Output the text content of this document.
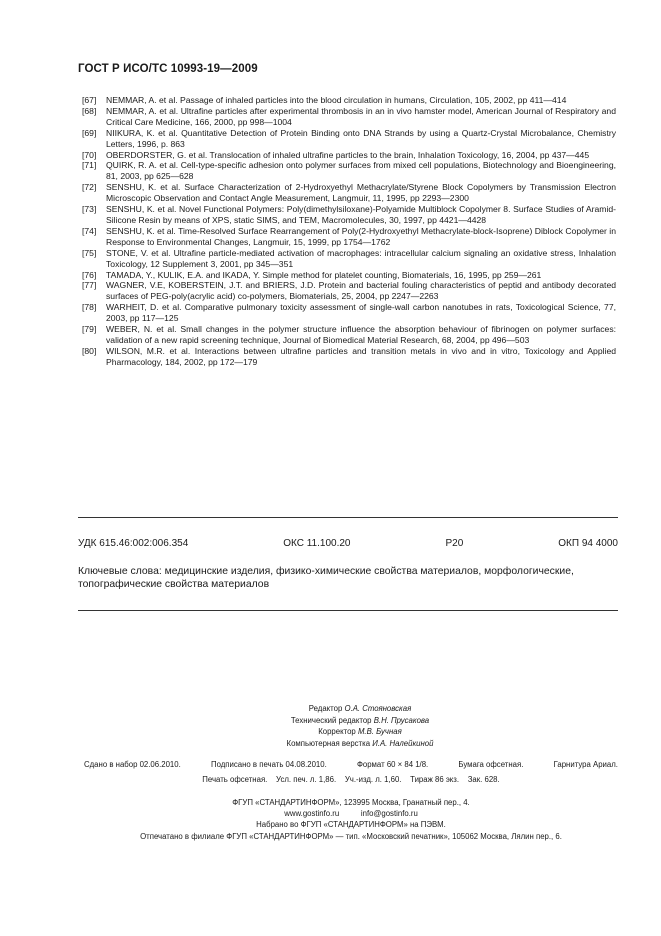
ГОСТ Р ИСО/ТС 10993-19—2009
[67]	NEMMAR, A. et al. Passage of inhaled particles into the blood circulation in humans, Circulation, 105, 2002, pp 411—414
[68]	NEMMAR, A. et al. Ultrafine particles after experimental thrombosis in an in vivo hamster model, American Journal of Respiratory and Critical Care Medicine, 166, 2000, pp 998—1004
[69]	NIIKURA, K. et al. Quantitative Detection of Protein Binding onto DNA Strands by using a Quartz-Crystal Microbalance, Chemistry Letters, 1996, p. 863
[70]	OBERDORSTER, G. et al. Translocation of inhaled ultrafine particles to the brain, Inhalation Toxicology, 16, 2004, pp 437—445
[71]	QUIRK, R. A. et al. Cell-type-specific adhesion onto polymer surfaces from mixed cell populations, Biotechnology and Bioengineering, 81, 2003, pp 625—628
[72]	SENSHU, K. et al. Surface Characterization of 2-Hydroxyethyl Methacrylate/Styrene Block Copolymers by Transmission Electron Microscopic Observation and Contact Angle Measurement, Langmuir, 11, 1995, pp 2293—2300
[73]	SENSHU, K. et al. Novel Functional Polymers: Poly(dimethylsiloxane)-Polyamide Multiblock Copolymer 8. Surface Studies of Aramid-Silicone Resin by means of XPS, static SIMS, and TEM, Macromolecules, 30, 1997, pp 4421—4428
[74]	SENSHU, K. et al. Time-Resolved Surface Rearrangement of Poly(2-Hydroxyethyl Methacrylate-block-Isoprene) Diblock Copolymer in Response to Environmental Changes, Langmuir, 15, 1999, pp 1754—1762
[75]	STONE, V. et al. Ultrafine particle-mediated activation of macrophages: intracellular calcium signaling an oxidative stress, Inhalation Toxicology, 12 Supplement 3, 2001, pp 345—351
[76]	TAMADA, Y., KULIK, E.A. and IKADA, Y. Simple method for platelet counting, Biomaterials, 16, 1995, pp 259—261
[77]	WAGNER, V.E, KOBERSTEIN, J.T. and BRIERS, J.D. Protein and bacterial fouling characteristics of peptid and antibody decorated surfaces of PEG-poly(acrylic acid) co-polymers, Biomaterials, 25, 2004, pp 2247—2263
[78]	WARHEIT, D. et al. Comparative pulmonary toxicity assessment of single-wall carbon nanotubes in rats, Toxicological Science, 77, 2003, pp 117—125
[79]	WEBER, N. et al. Small changes in the polymer structure influence the absorption behaviour of fibrinogen on polymer surfaces: validation of a new rapid screening technique, Journal of Biomedical Material Research, 68, 2004, pp 496—503
[80]	WILSON, M.R. et al. Interactions between ultrafine particles and transition metals in vivo and in vitro, Toxicology and Applied Pharmacology, 184, 2002, pp 172—179
УДК 615.46:002:006.354	ОКС 11.100.20	Р20	ОКП 94 4000
Ключевые слова: медицинские изделия, физико-химические свойства материалов, морфологические, топографические свойства материалов
Редактор О.А. Стояновская
Технический редактор В.Н. Прусакова
Корректор М.В. Бучная
Компьютерная верстка И.А. Налейкиной
Сдано в набор 02.06.2010.	Подписано в печать 04.08.2010.	Формат 60 × 84 1/8.	Бумага офсетная.	Гарнитура Ариал.
Печать офсетная. Усл. печ. л. 1,86. Уч.-изд. л. 1,60. Тираж 86 экз. Зак. 628.
ФГУП «СТАНДАРТИНФОРМ», 123995 Москва, Гранатный пер., 4.
www.gostinfo.ru          info@gostinfo.ru
Набрано во ФГУП «СТАНДАРТИНФОРМ» на ПЭВМ.
Отпечатано в филиале ФГУП «СТАНДАРТИНФОРМ» — тип. «Московский печатник», 105062 Москва, Лялин пер., 6.
